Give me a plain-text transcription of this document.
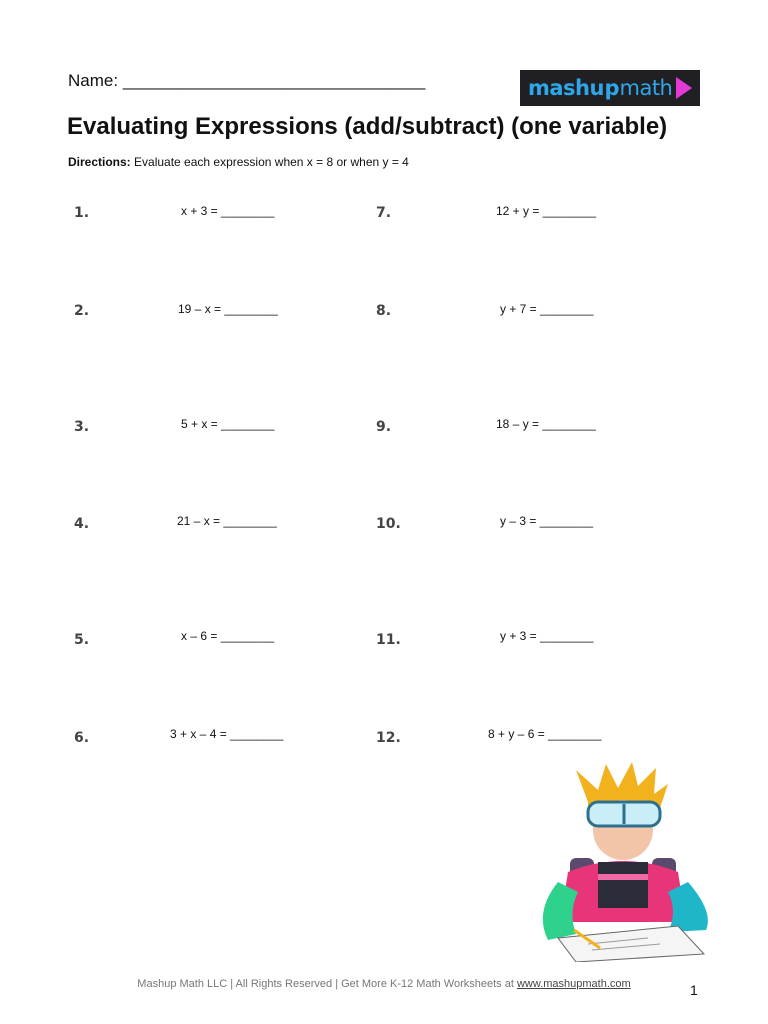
Name: ________________________________	mash up math
Evaluating Expressions (add/subtract) (one variable)
Directions: Evaluate each expression when x = 8 or when y = 4
1.	x + 3 = ________
2.	19 – x = ________
3.	5 + x = ________
4.	21 – x = ________
5.	x – 6 = ________
6.	3 + x – 4 = ________
7.	12 + y = ________
8.	y + 7 = ________
9.	18 – y = ________
10.	y – 3 = ________
11.	y + 3 = ________
12.	8 + y – 6 = ________
Mashup Math LLC | All Rights Reserved | Get More K-12 Math Worksheets at www.mashupmath.com	1
